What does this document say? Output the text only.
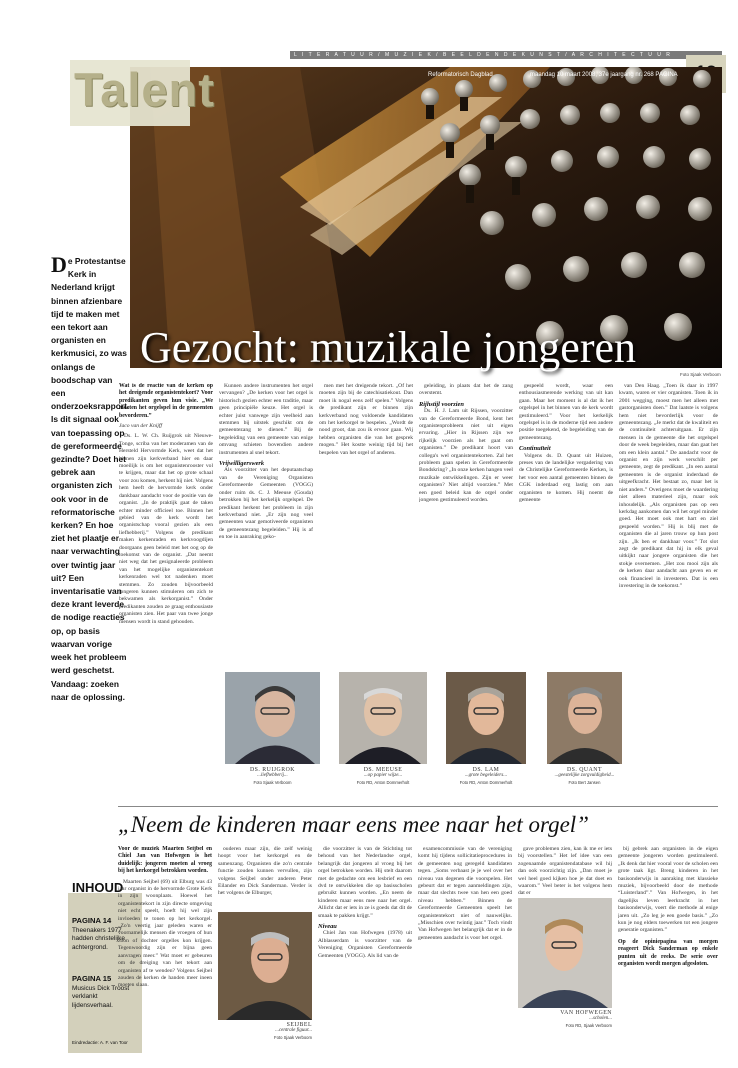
L I T E R A T U U R / M U Z I E K / B E E L D E N D E K U N S T / A R C H I T E C T U U R
Talent	Reformatorisch Dagblad	maandag 10 maart 2008, 37e jaargang nr. 268 PAGINA
Gezocht: muzikale jongeren
Foto Sjaak Verboom
De Protestantse Kerk in Nederland krijgt binnen afzienbare tijd te maken met een tekort aan organisten en kerkmusici, zo was onlangs de boodschap van een onderzoeksrapport. Is dit signaal ook van toepassing op de gereformeerde gezindte? Doet het gebrek aan organisten zich ook voor in de reformatorische kerken? En hoe ziet het plaatje er naar verwachting over twintig jaar uit? Een inventarisatie van deze krant leverde de nodige reacties op, op basis waarvan vorige week het probleem werd geschetst. Vandaag: zoeken naar de oplossing.
Wat is de reactie van de kerken op het dreigende organistentekort? Voor predikanten geven hun visie. „We moeten het orgelspel in de gemeenten bevorderen.”
Jaco van der Knijff

Ds. L. W. Ch. Ruijgrok uit Nieuwe-Tonge, scriba van het moderamen van de Hersteld Hervormde Kerk, weet dat het binnen zijn kerkverband hier en daar moeilijk is om het organistenrooster vol te krijgen, maar dat het op grote schaal voor zou komen, herkent hij niet. Volgens hem heeft de hervormde kerk onder dankbaar aandacht voor de positie van de organist. „In de praktijk gaat de taken echter minder officieel toe. Binnen het gebied van de kerk wordt het organistschap vooral gezien als een liefhebberij.” Volgens de predikant maken kerkenraden en kerkvoogdijen doorgaans geen beleid met het oog op de toekomst van de organist. „Dat neemt niet weg dat het gesignaleerde probleem van het mogelijke organistentekort kerkenraden wel tot nadenken moet stemmen. Zo zouden bijvoorbeeld jongeren kunnen stimuleren om zich te bekwamen als kerkorganist.” Onder predikanten zouden ze graag enthousiaste organisten zien. Het paar van twee jonge mensen wordt in stand gehouden.

Kunnen andere instrumenten het orgel vervangen? „De kerken voor het orgel is historisch gezien echter een traditie, maar geen principiële keuze. Het orgel is echter juist vanwege zijn veelheid aan stemmen bij uitstek geschikt om de gemeentezang te dienen.” Bij de begeleiding van een gemeente van enige omvang schieten bovendien andere instrumenten al snel tekort.

Vrijwilligerswerk

Als voorzitter van het deputaatschap van de Vereniging Organisten Gereformeerde Gemeenten (VOGG) onder ruim ds. C. J. Meeuse (Gouda) betrokken bij het kerkelijk orgelspel. De predikant herkent het probleem in zijn kerkverband niet. „Er zijn nog veel gemeenten waar gemotiveerde organisten de gemeentezang begeleiden.” Hij is af en toe in aanraking geko-

men met het dreigende tekort. „Of het moeten zijn bij de catechisatiekout. Dan moet ik nogal eens zelf spelen.” Volgens de predikant zijn er binnen zijn kerkverband nog voldoende kandidaten om het kerkorgel te bespelen. „Wordt de nood groot, dan zou ik ervoor gaan. Wij hebben organisten die van het gesprek mogen.” Het kostte weinig tijd bij het bespelen van het orgel of anderen.

geleiding, in plaats dat het de zang overstemt.

Rijhstijl voorzien

Ds. H. J. Lam uit Rijssen, voorzitter van de Gereformeerde Bond, kent het organistenprobleem niet uit eigen ervaring. „Hier in Rijssen zijn we rijkelijk voorzien als het gaat om organisten.” De predikant hoort van collega's wel organistentekorten. Zal het probleem gaan spelen in Gereformeerde Bondskring? „In onze kerken hangen veel muzikale ontwikkelingen. Zijn er weer organisten? Niet altijd voorzien.” Met een goed beleid kan de orgel onder jongeren gestimuleerd worden.

gespeeld wordt, waar een enthousiasmerende werking van uit kan gaan. Maar het moment is al dat ik het orgelspel in het binnen van de kerk wordt gestimuleerd.” Voor het kerkelijk orgelspel is in de moderne tijd een andere positie toegekend, de begeleiding van de gemeentezang.

Continuïteit

Volgens ds. D. Quant uit Huizen, preses van de landelijke vergadering van de Christelijke Gereformeerde Kerken, is het voor een aantal gemeenten binnen de CGK inderdaad erg lastig om aan organisten te komen. Hij noemt de gemeente

van Den Haag. „Toen ik daar in 1997 kwam, waren er vier organisten. Toen ik in 2001 wegging, moest men het alleen met gastorganisten doen.” Dat laatste is volgens hem niet bevorderlijk voor de gemeentezang. „Je merkt dat de kwaliteit en de continuïteit achteruitgaan. Er zijn mensen in de gemeente die het orgelspel door de week begeleiden, maar dan gaat het om een klein aantal.” De aandacht voor de organist en zijn werk verschilt per gemeente, zegt de predikant. „In een aantal gemeenten is de organist inderdaad de uitgeefkracht. Het bestaat zo, maar het is niet anders.” Overigens moet de waardering niet alleen materieel zijn, maar ook inhoudelijk. „Als organisten pas op een kerkdag aankomen dan wil het orgel minder goed. Het moet ook met hart en ziel gespeeld worden.” Hij is blij met de organisten die al jaren trouw op hun post zijn. „Ik ben er dankbaar voor.” Tot slot zegt de predikant dat hij in elk geval uitkijkt naar jongere organisten die het stokje overnemen. „Het zou mooi zijn als de kerken daar aandacht aan geven en er ook financieel in investeren. Dat is een investering in de toekomst.”

DS. RUIJGROK
...liefhebberij...
Foto Sjaak Verboom
DS. MEEUSE
...op papier wijze...
Foto RD, Anton Dommerholt
DS. LAM
...grote begeleiders...
Foto RD, Anton Dommerholt
DS. QUANT
...geestelijke zorgvuldigheid...
Foto Bert Jansen
„Neem de kinderen maar eens mee naar het orgel”
PAGINA 14
Theenakers 1977 hadden christelijke achtergrond.
PAGINA 15
Musicus Dick Troost verklankt lijdensverhaal.
Eindredactie: A. F. van Toor
INHOUD
Voor de muziek Maarten Seijbel en Chiel Jan van Hofwegen is het duidelijk: jongeren moeten al vroeg bij het kerkorgel betrokken worden.

Maarten Seijbel (69) uit Elburg was 43 jaar organist in de hervormde Grote Kerk in zijn woonplaats. Hoewel het organistentekort in zijn directe omgeving niet echt speelt, hoeft hij wel zijn invloeden te tonen op het kerkorgel. „Zo'n veertig jaar geleden waren er voornamelijk mensen die vroegen of hun zoon of dochter orgelles kon krijgen. Tegenwoordig zijn er bijna geen aanvragen meer.” Wat moet er gebeuren om de dreiging van het tekort aan organisten af te wenden? Volgens Seijbel zouden de kerken de handen meer ineen moeten slaan.

ouderen maar zijn, die zelf weinig hoopt voor het kerkorgel en de samenzang. Organisten die zo'n centrale functie zouden kunnen vervullen, zijn volgens Seijbel onder anderen Peter Eilander en Dick Sanderman. Verder is het volgens de Elburger,

die voorzitter is van de Stichting tot behoud van het Nederlandse orgel, belangrijk dat jongeren al vroeg bij het orgel betrokken worden. Hij stelt daarom met de gedachte om een lesbrief en een dvd te ontwikkelen die op basisscholen gebruikt kunnen worden. „En neem de kinderen maar eens mee naar het orgel. Allicht dat er iets in ze is goeds dat dit de smaak te pakken krijgt.”

Niveau

Chiel Jan van Hofwegen (1978) uit Alblasserdam is voorzitter van de Vereniging Organisten Gereformeerde Gemeenten (VOGG). Als lid van de

examencommissie van de vereniging komt hij tijdens sollicitatieprocedures in de gemeenten nog geregeld kandidaten tegen. „Soms verbaast je je wel over het niveau van degenen die voorspelen. Het gebeurt dat er tegen aanmeldingen zijn, maar dat slechts twee van hen een goed niveau hebben.” Binnen de Gereformeerde Gemeenten speelt het organistentekort niet of nauwelijks. „Misschien over twintig jaar.” Toch vindt Van Hofwegen het belangrijk dat er in de gemeenten aandacht is voor het orgel.

gave problemen zien, kan ik me er iets bij voorstellen.” Het lef idee van een zogenaamde organistendatabase wil hij dan ook voorzichtig zijn. „Dan moet je wel heel goed kijken hoe je dat doet en waarom.” Veel beter is het volgens hem dat er

bij gebrek aan organisten in de eigen gemeente jongeren worden gestimuleerd. „Ik denk dat hier vooral voor de scholen een grote taak ligt. Breng kinderen in het basisonderwijs in aanraking met klassieke muziek, bijvoorbeeld door de methode “Luisterland”.” Van Hofwegen, in het dagelijks leven leerkracht in het basisonderwijs, voert die methode al enige jaren uit. „Zo leg je een goede basis.” „Zo kun je nog elders toewerken tot een jongere generatie organisten.”

Op de opiniepagina van morgen reageert Dick Sanderman op enkele punten uit de reeks. De serie over organisten wordt morgen afgesloten.

SEIJBEL
...centrale figuur...
Foto Sjaak Verboom
VAN HOFWEGEN
...scholen...
Foto RD, Sjaak Verboom
